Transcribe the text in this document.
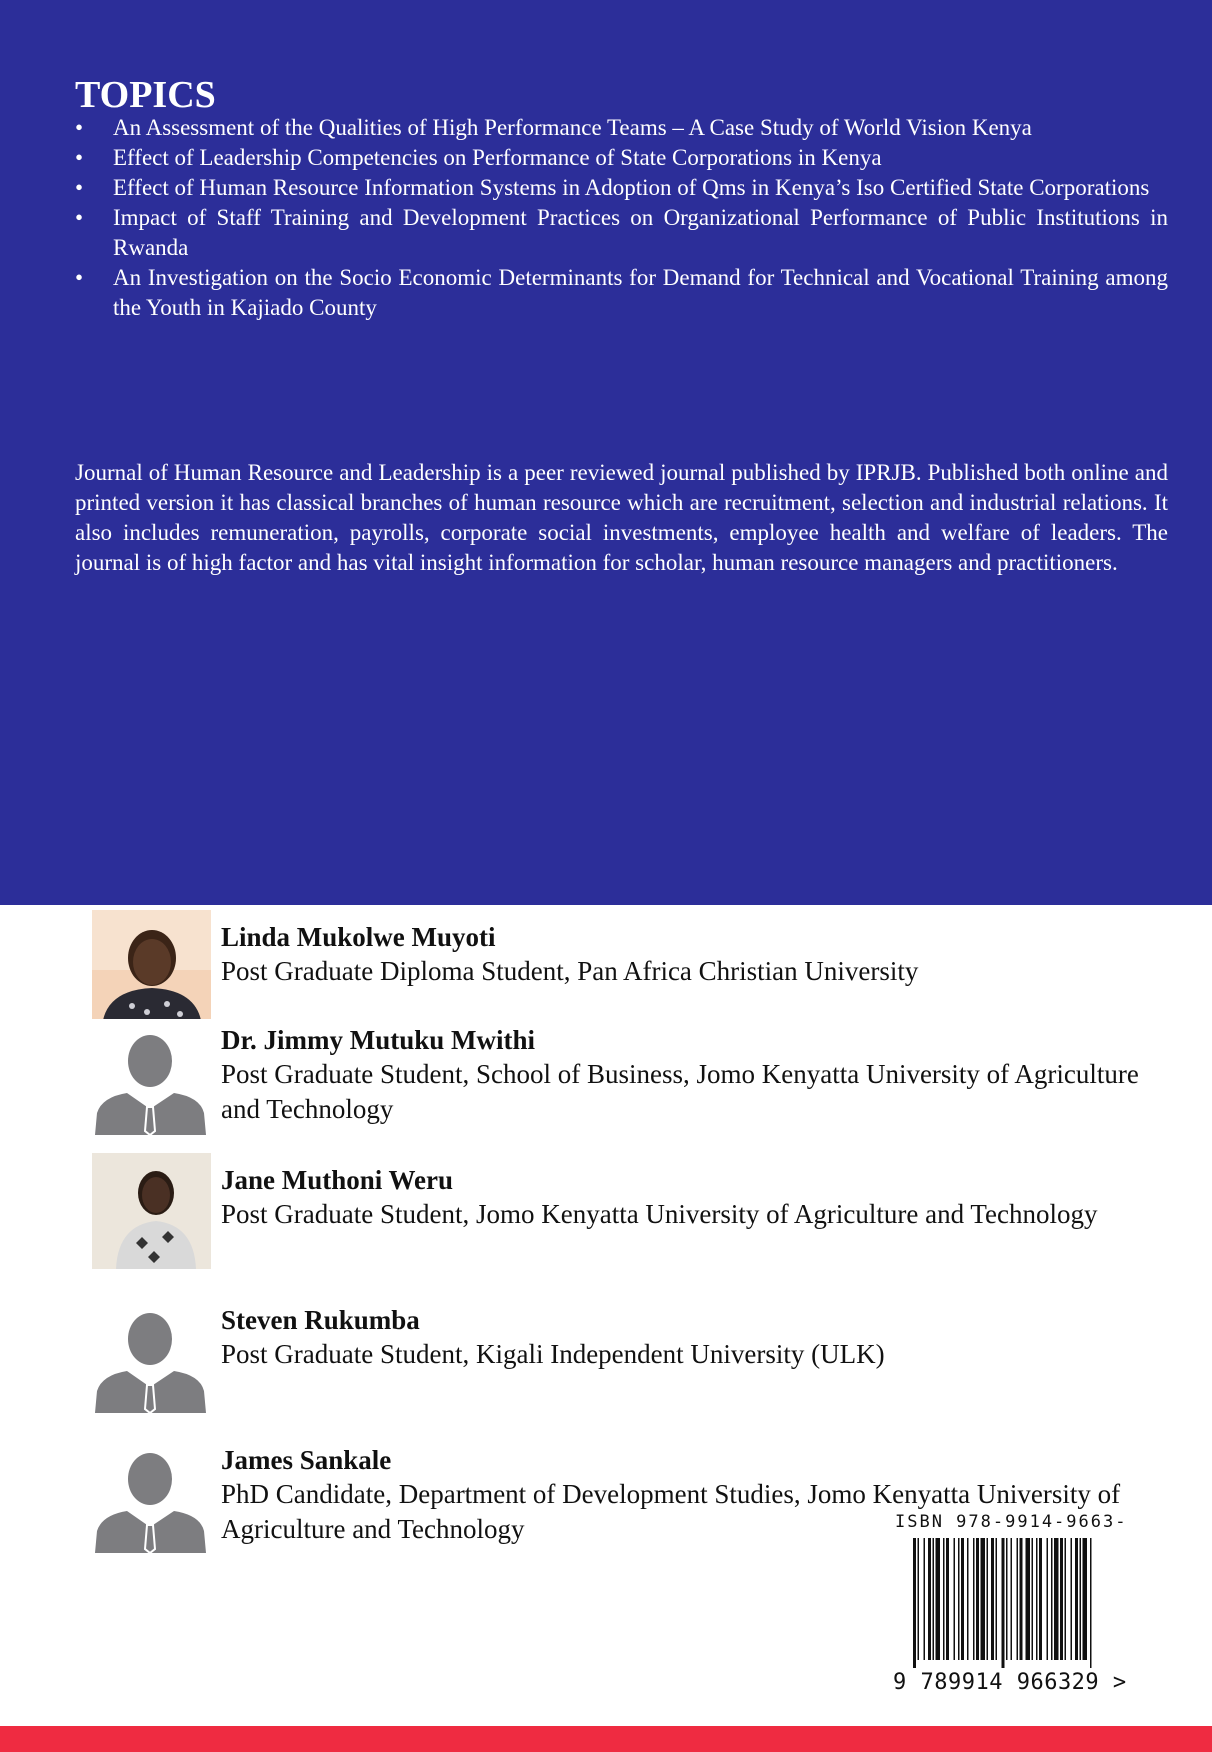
TOPICS
• An Assessment of the Qualities of High Performance Teams – A Case Study of World Vision Kenya
• Effect of Leadership Competencies on Performance of State Corporations in Kenya
• Effect of Human Resource Information Systems in Adoption of Qms in Kenya’s Iso Certified State Corporations
• Impact of Staff Training and Development Practices on Organizational Performance of Public Institutions in Rwanda
• An Investigation on the Socio Economic Determinants for Demand for Technical and Vocational Training among the Youth in Kajiado County

Journal of Human Resource and Leadership is a peer reviewed journal published by IPRJB. Published both online and printed version it has classical branches of human resource which are recruitment, selection and industrial relations. It also includes remuneration, payrolls, corporate social investments, employee health and welfare of leaders. The journal is of high factor and has vital insight information for scholar, human resource managers and practitioners.

Linda Mukolwe Muyoti
Post Graduate Diploma Student, Pan Africa Christian University
Dr. Jimmy Mutuku Mwithi
Post Graduate Student, School of Business, Jomo Kenyatta University of Agriculture and Technology
Jane Muthoni Weru
Post Graduate Student, Jomo Kenyatta University of Agriculture and Technology
Steven Rukumba
Post Graduate Student, Kigali Independent University (ULK)
James Sankale
PhD Candidate, Department of Development Studies, Jomo Kenyatta University of Agriculture and Technology	ISBN 978-9914-9663-
9 789914 966329 >
